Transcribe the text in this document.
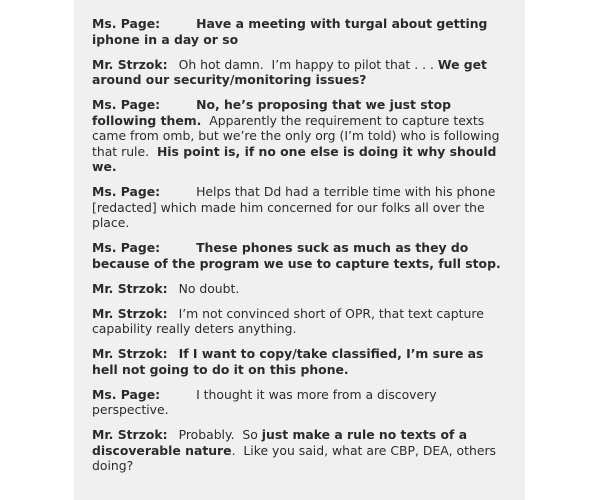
Ms. Page:	Have a meeting with turgal about getting iphone in a day or so
Mr. Strzok: Oh hot damn.  I’m happy to pilot that . . . We get around our security/monitoring issues?
Ms. Page:	No, he’s proposing that we just stop following them.  Apparently the requirement to capture texts came from omb, but we’re the only org (I’m told) who is following that rule.  His point is, if no one else is doing it why should we.
Ms. Page:	Helps that Dd had a terrible time with his phone [redacted] which made him concerned for our folks all over the place.
Ms. Page:	These phones suck as much as they do because of the program we use to capture texts, full stop.
Mr. Strzok: No doubt.
Mr. Strzok: I’m not convinced short of OPR, that text capture capability really deters anything.
Mr. Strzok: If I want to copy/take classified, I’m sure as hell not going to do it on this phone.
Ms. Page:	I thought it was more from a discovery perspective.
Mr. Strzok: Probably.  So just make a rule no texts of a discoverable nature.  Like you said, what are CBP, DEA, others doing?
